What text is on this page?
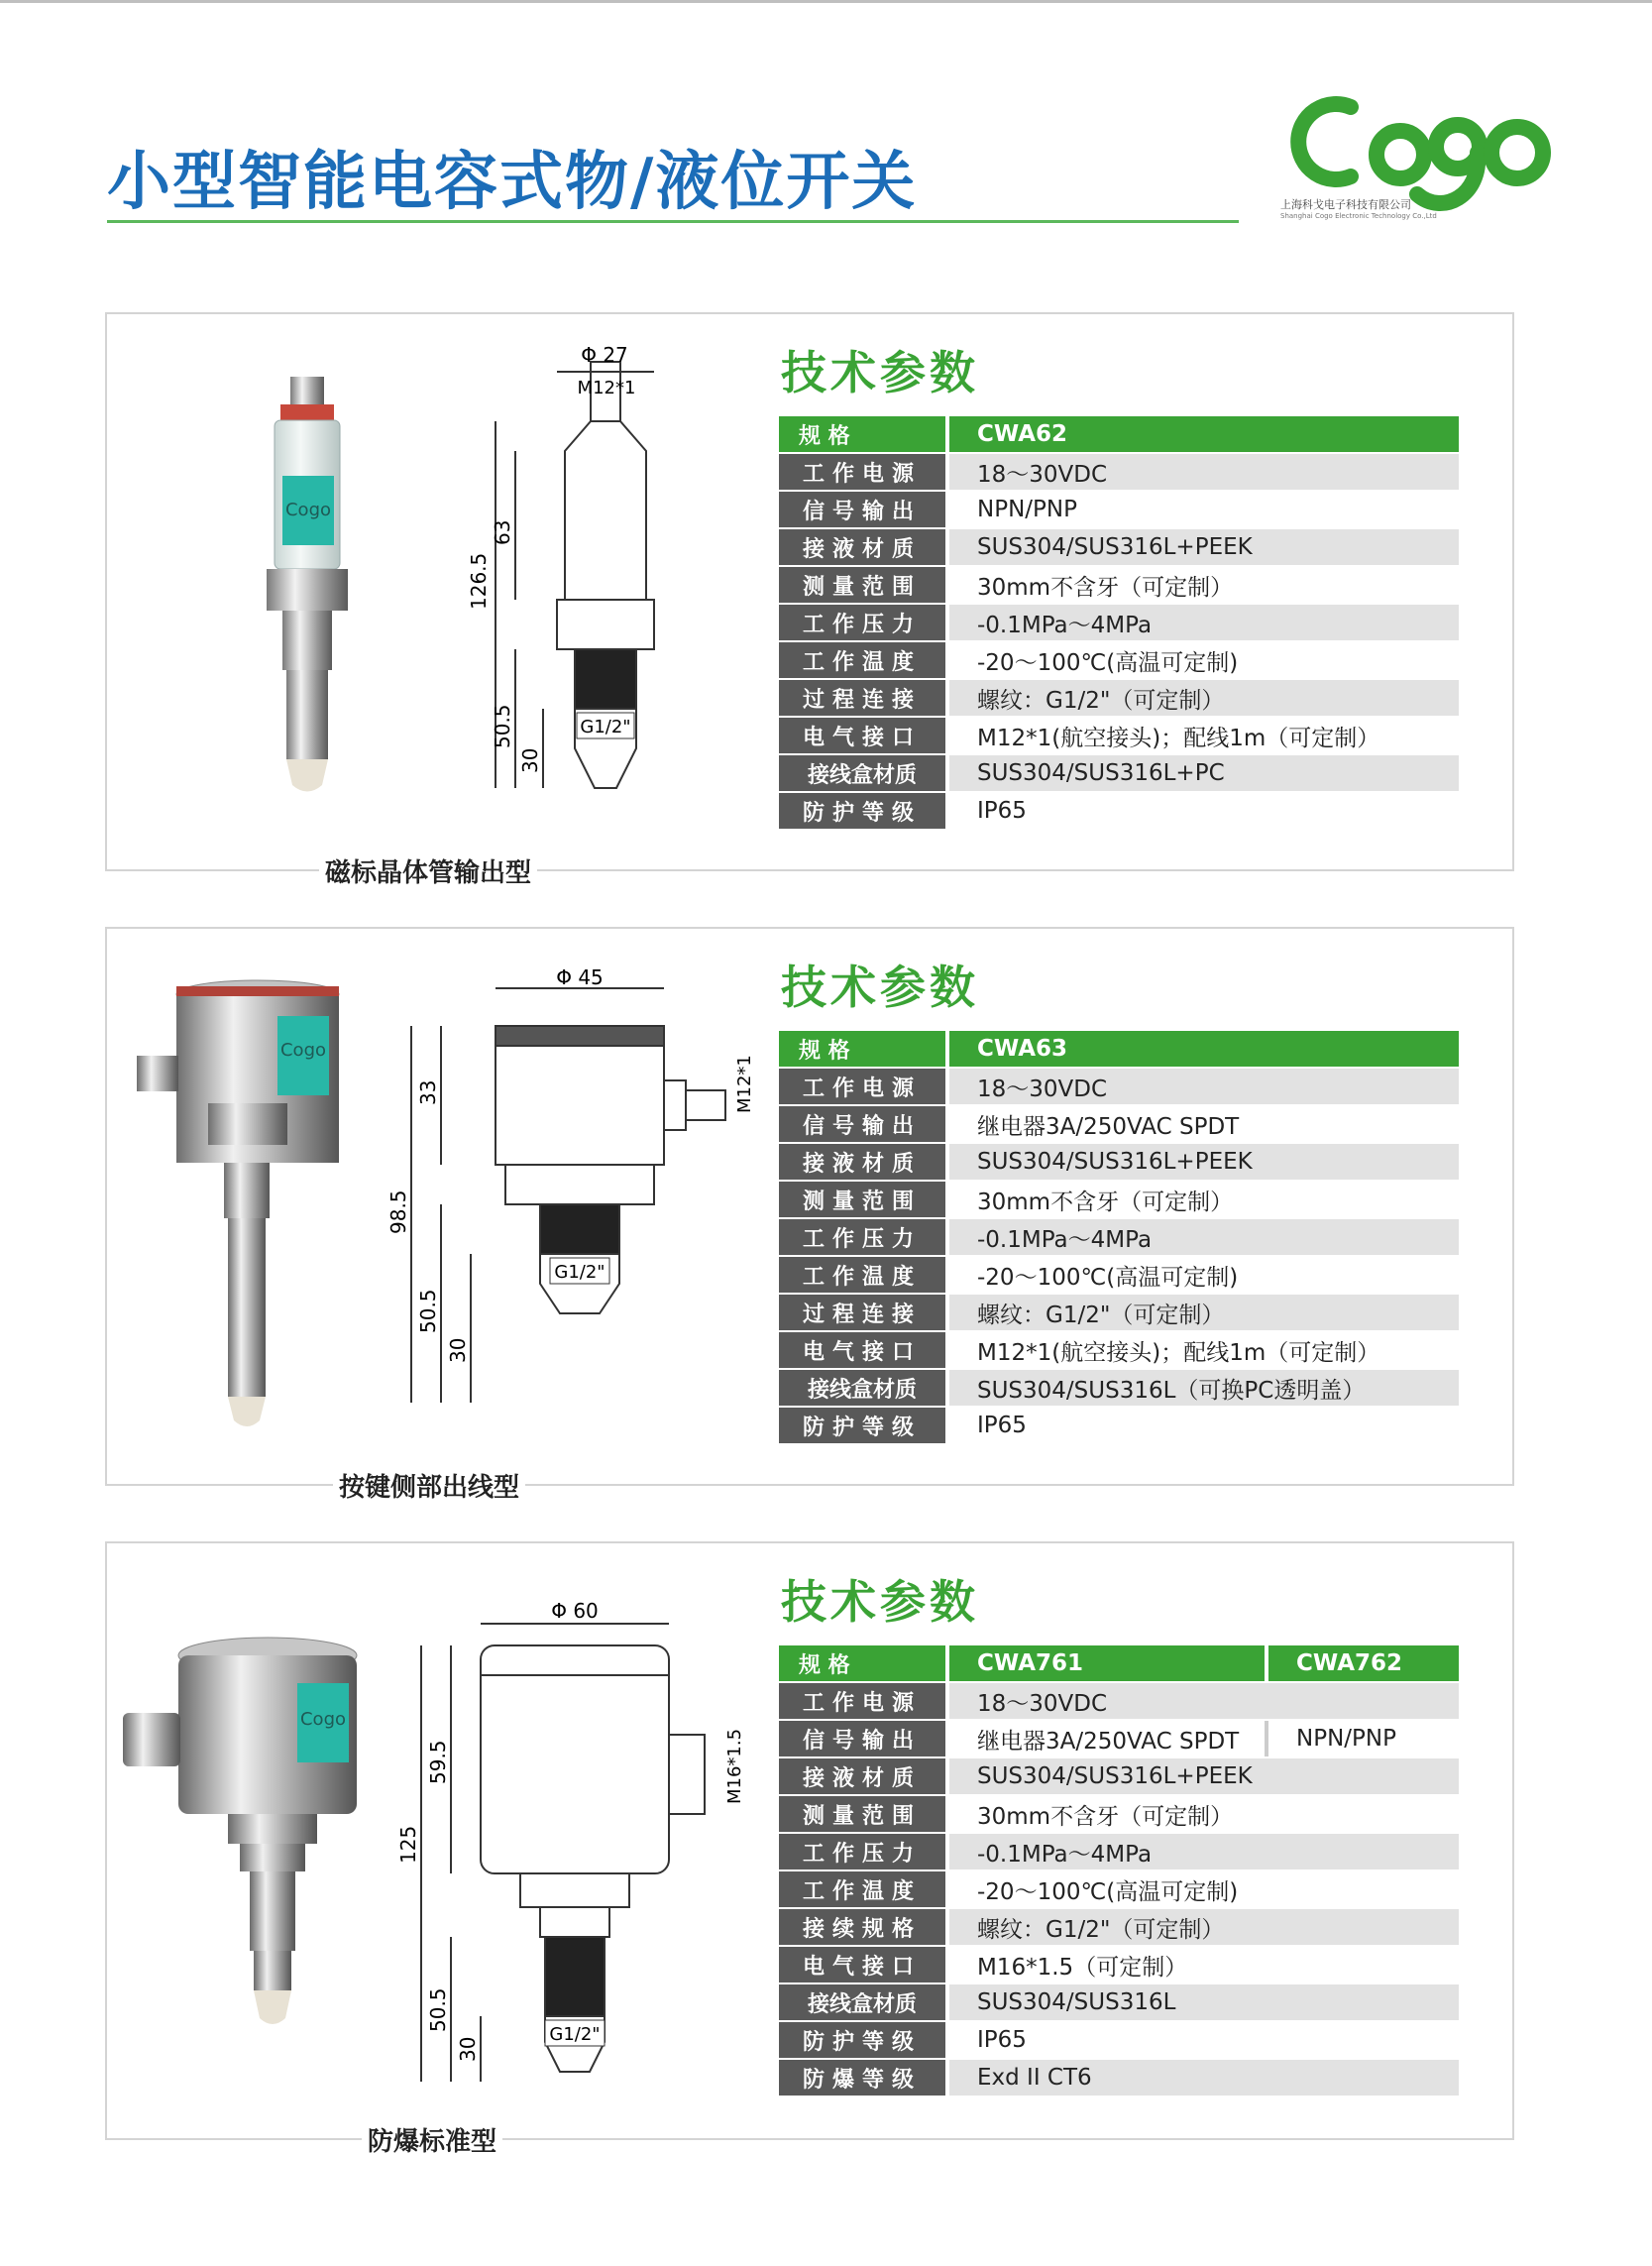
小型智能电容式物/液位开关	上海科戈电子科技有限公司
Shanghai Cogo Electronic Technology Co.,Ltd
磁标晶体管输出型
按键侧部出线型
防爆标准型
Cogo
Φ 27
M12*1
126.5
63
50.5
30
G1/2"
技术参数
规 格		CWA62
工作电源		18～30VDC
信号输出		NPN/PNP
接液材质		SUS304/SUS316L+PEEK
测量范围		30mm不含牙（可定制）
工作压力		-0.1MPa～4MPa
工作温度		-20～100℃(高温可定制)
过程连接		螺纹：G1/2"（可定制）
电气接口		M12*1(航空接头)；配线1m（可定制）
接线盒材质		SUS304/SUS316L+PC
防护等级		IP65
Cogo
Φ 45
M12*1
98.5
33
50.5
30
G1/2"
技术参数
规 格		CWA63
工作电源		18～30VDC
信号输出		继电器3A/250VAC SPDT
接液材质		SUS304/SUS316L+PEEK
测量范围		30mm不含牙（可定制）
工作压力		-0.1MPa～4MPa
工作温度		-20～100℃(高温可定制)
过程连接		螺纹：G1/2"（可定制）
电气接口		M12*1(航空接头)；配线1m（可定制）
接线盒材质		SUS304/SUS316L（可换PC透明盖）
防护等级		IP65
Cogo
Φ 60
M16*1.5
125
59.5
50.5
30
G1/2"
技术参数
规 格		CWA761		CWA762
工作电源		18～30VDC		
信号输出		继电器3A/250VAC SPDT		NPN/PNP
接液材质		SUS304/SUS316L+PEEK		
测量范围		30mm不含牙（可定制）		
工作压力		-0.1MPa～4MPa		
工作温度		-20～100℃(高温可定制)		
接续规格		螺纹：G1/2"（可定制）		
电气接口		M16*1.5（可定制）		
接线盒材质		SUS304/SUS316L		
防护等级		IP65		
防爆等级		Exd II CT6		
